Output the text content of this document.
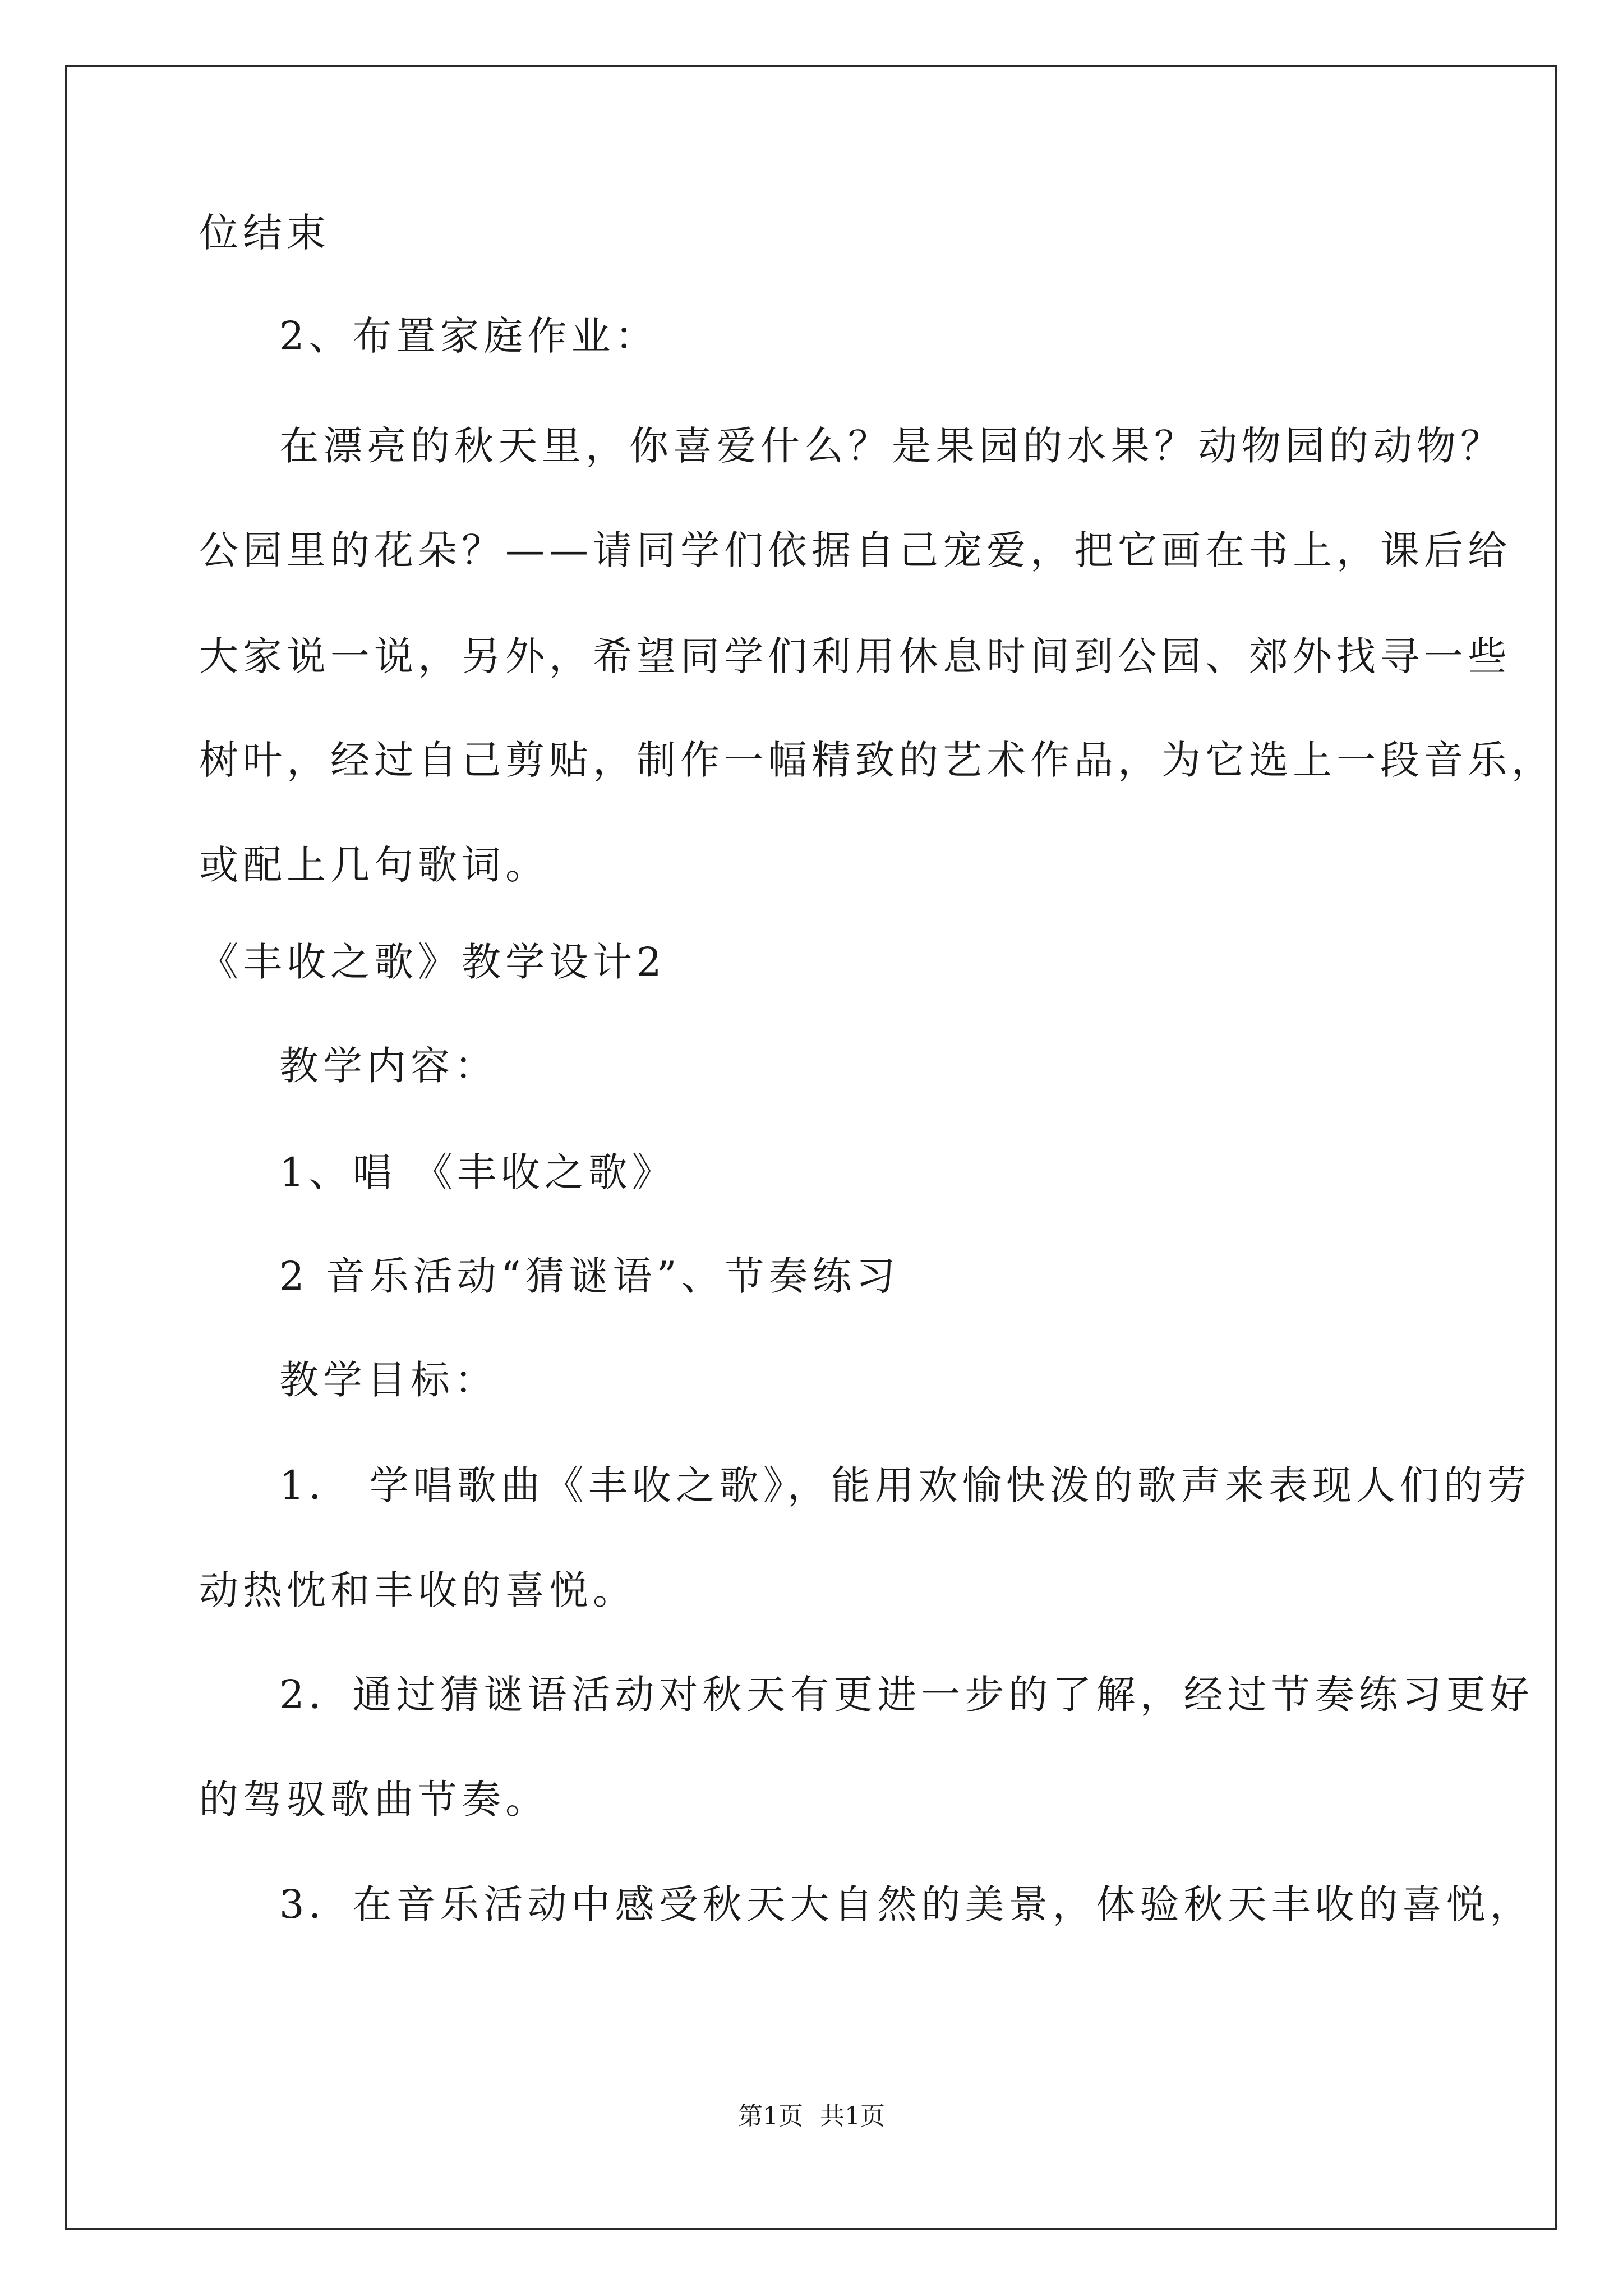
位结束
2、布置家庭作业：
在漂亮的秋天里，你喜爱什么？是果园的水果？动物园的动物？
公园里的花朵？——请同学们依据自己宠爱，把它画在书上，课后给
大家说一说，另外，希望同学们利用休息时间到公园、郊外找寻一些
树叶，经过自己剪贴，制作一幅精致的艺术作品，为它选上一段音乐，
或配上几句歌词。
《丰收之歌》教学设计2
教学内容：
1、唱 《丰收之歌》
2 音乐活动“猜谜语”、节奏练习
教学目标：
1． 学唱歌曲《丰收之歌》，能用欢愉快泼的歌声来表现人们的劳
动热忱和丰收的喜悦。
2．通过猜谜语活动对秋天有更进一步的了解，经过节奏练习更好
的驾驭歌曲节奏。
3．在音乐活动中感受秋天大自然的美景，体验秋天丰收的喜悦，
第1页 共1页
